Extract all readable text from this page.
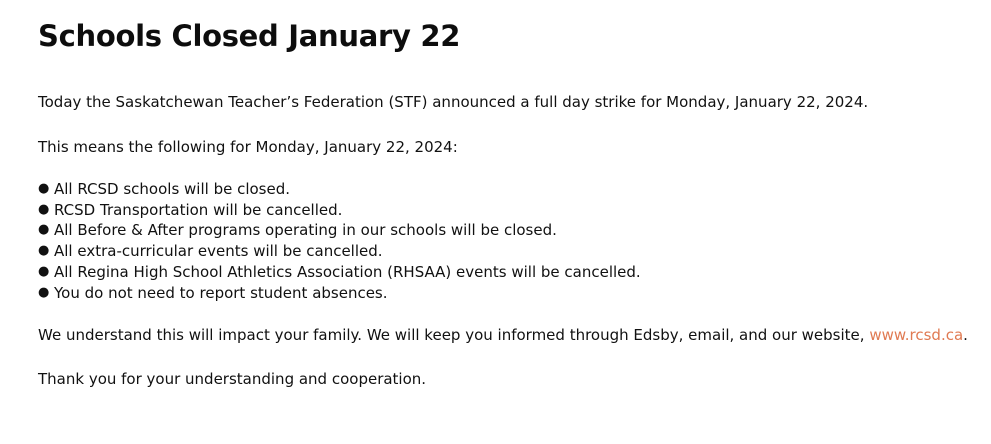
Schools Closed January 22

Today the Saskatchewan Teacher’s Federation (STF) announced a full day strike for Monday, January 22, 2024.

This means the following for Monday, January 22, 2024:

● All RCSD schools will be closed.
● RCSD Transportation will be cancelled.
● All Before & After programs operating in our schools will be closed.
● All extra-curricular events will be cancelled.
● All Regina High School Athletics Association (RHSAA) events will be cancelled.
● You do not need to report student absences.

We understand this will impact your family. We will keep you informed through Edsby, email, and our website, www.rcsd.ca.

Thank you for your understanding and cooperation.
